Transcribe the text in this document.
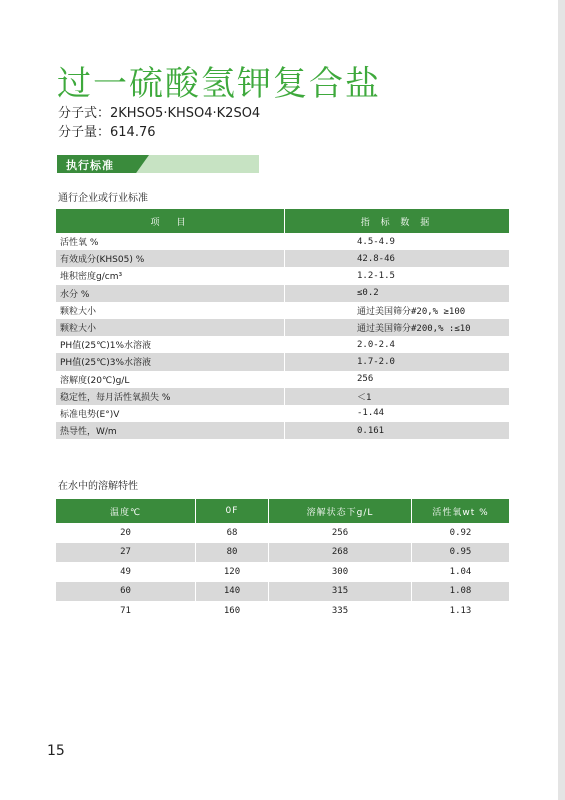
过一硫酸氢钾复合盐
分子式：2KHSO5·KHSO4·K2SO4
分子量：614.76
执行标准
通行企业或行业标准
项　目	指 标 数 据
活性氧 %	4.5-4.9
有效成分(KHS05) %	42.8-46
堆积密度g/cm³	1.2-1.5
水分 %	≤0.2
颗粒大小	通过美国筛分#20,% ≥100
颗粒大小	通过美国筛分#200,% :≤10
PH值(25℃)1%水溶液	2.0-2.4
PH值(25℃)3%水溶液	1.7-2.0
溶解度(20℃)g/L	256
稳定性，每月活性氧损失 %	＜1
标准电势(E°)V	-1.44
热导性，W/m	0.161
在水中的溶解特性
温度℃	0F	溶解状态下g/L	活性氧wt %
20	68	256	0.92
27	80	268	0.95
49	120	300	1.04
60	140	315	1.08
71	160	335	1.13
15
